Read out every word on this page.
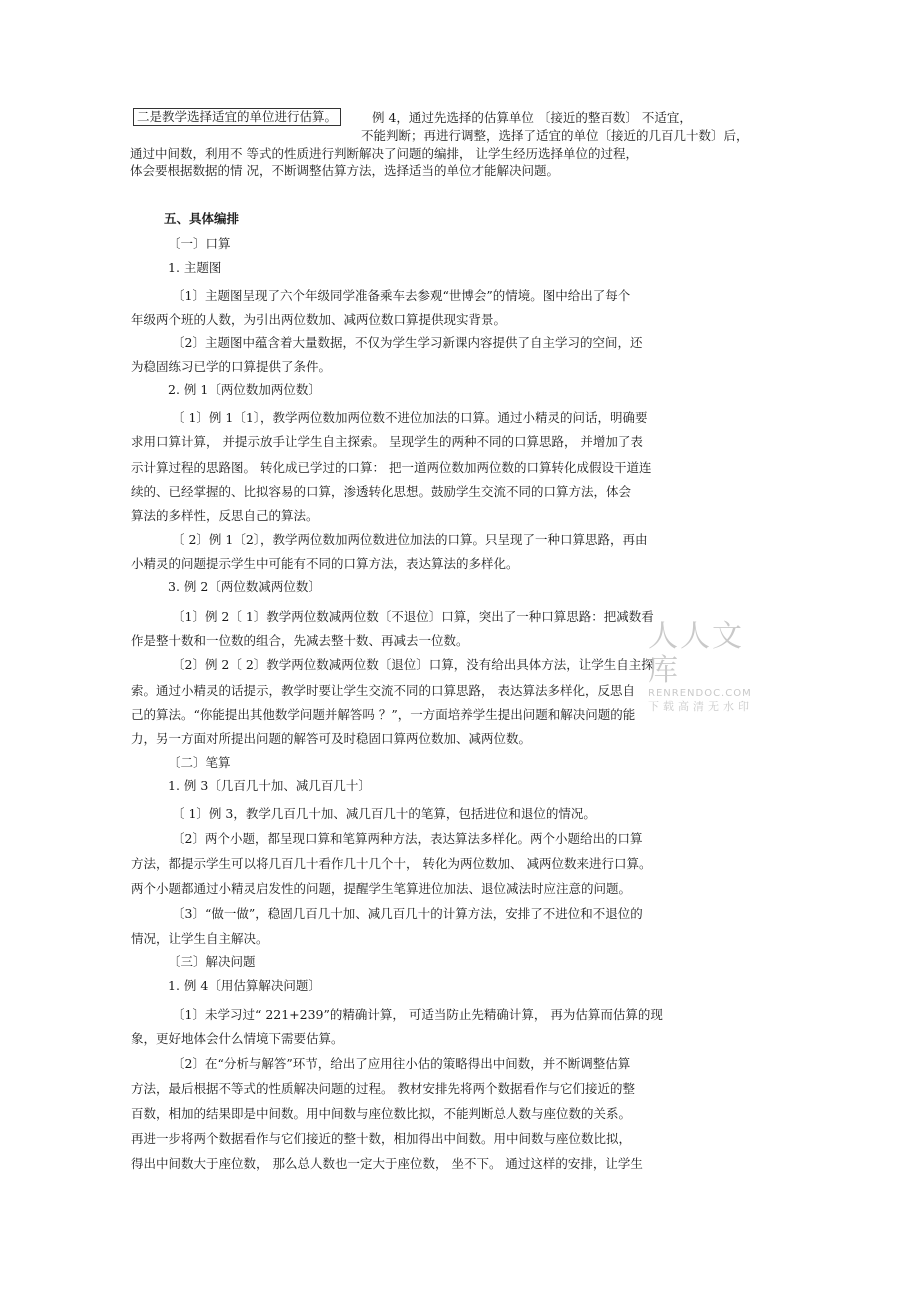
二是教学选择适宜的单位进行估算。	例 4，通过先选择的估算单位 〔接近的整百数〕 不适宜，
不能判断；再进行调整，选择了适宜的单位〔接近的几百几十数〕后，
通过中间数，利用不 等式的性质进行判断解决了问题的编排， 让学生经历选择单位的过程，
体会要根据数据的情 况，不断调整估算方法，选择适当的单位才能解决问题。
五、具体编排
〔一〕口算
1. 主题图
〔1〕主题图呈现了六个年级同学准备乘车去参观“世博会”的情境。图中给出了每个
年级两个班的人数，为引出两位数加、减两位数口算提供现实背景。
〔2〕主题图中蕴含着大量数据，不仅为学生学习新课内容提供了自主学习的空间，还
为稳固练习已学的口算提供了条件。
2. 例 1〔两位数加两位数〕
〔 1〕例 1〔1〕，教学两位数加两位数不进位加法的口算。通过小精灵的问话，明确要
求用口算计算， 并提示放手让学生自主探索。 呈现学生的两种不同的口算思路， 并增加了表
示计算过程的思路图。 转化成已学过的口算： 把一道两位数加两位数的口算转化成假设干道连
续的、已经掌握的、比拟容易的口算，渗透转化思想。鼓励学生交流不同的口算方法，体会
算法的多样性，反思自己的算法。
〔 2〕例 1〔2〕，教学两位数加两位数进位加法的口算。只呈现了一种口算思路，再由
小精灵的问题提示学生中可能有不同的口算方法，表达算法的多样化。
3. 例 2〔两位数减两位数〕
〔1〕例 2〔 1〕教学两位数减两位数〔不退位〕口算，突出了一种口算思路：把减数看
作是整十数和一位数的组合，先减去整十数、再减去一位数。
〔2〕例 2〔 2〕教学两位数减两位数〔退位〕口算，没有给出具体方法，让学生自主探
索。通过小精灵的话提示，教学时要让学生交流不同的口算思路， 表达算法多样化，反思自
己的算法。“你能提出其他数学问题并解答吗 ？”，一方面培养学生提出问题和解决问题的能
力，另一方面对所提出问题的解答可及时稳固口算两位数加、减两位数。
〔二〕笔算
1. 例 3〔几百几十加、减几百几十〕
〔 1〕例 3，教学几百几十加、减几百几十的笔算，包括进位和退位的情况。
〔2〕两个小题，都呈现口算和笔算两种方法，表达算法多样化。两个小题给出的口算
方法，都提示学生可以将几百几十看作几十几个十， 转化为两位数加、 减两位数来进行口算。
两个小题都通过小精灵启发性的问题，提醒学生笔算进位加法、退位减法时应注意的问题。
〔3〕“做一做”，稳固几百几十加、减几百几十的计算方法，安排了不进位和不退位的
情况，让学生自主解决。
〔三〕解决问题
1. 例 4〔用估算解决问题〕
〔1〕未学习过“ 221+239”的精确计算， 可适当防止先精确计算， 再为估算而估算的现
象，更好地体会什么情境下需要估算。
〔2〕在“分析与解答”环节，给出了应用往小估的策略得出中间数，并不断调整估算
方法，最后根据不等式的性质解决问题的过程。 教材安排先将两个数据看作与它们接近的整
百数，相加的结果即是中间数。用中间数与座位数比拟，不能判断总人数与座位数的关系。
再进一步将两个数据看作与它们接近的整十数，相加得出中间数。用中间数与座位数比拟，
得出中间数大于座位数， 那么总人数也一定大于座位数， 坐不下。 通过这样的安排，让学生
人人文库
RENRENDOC.COM
下载高清无水印
